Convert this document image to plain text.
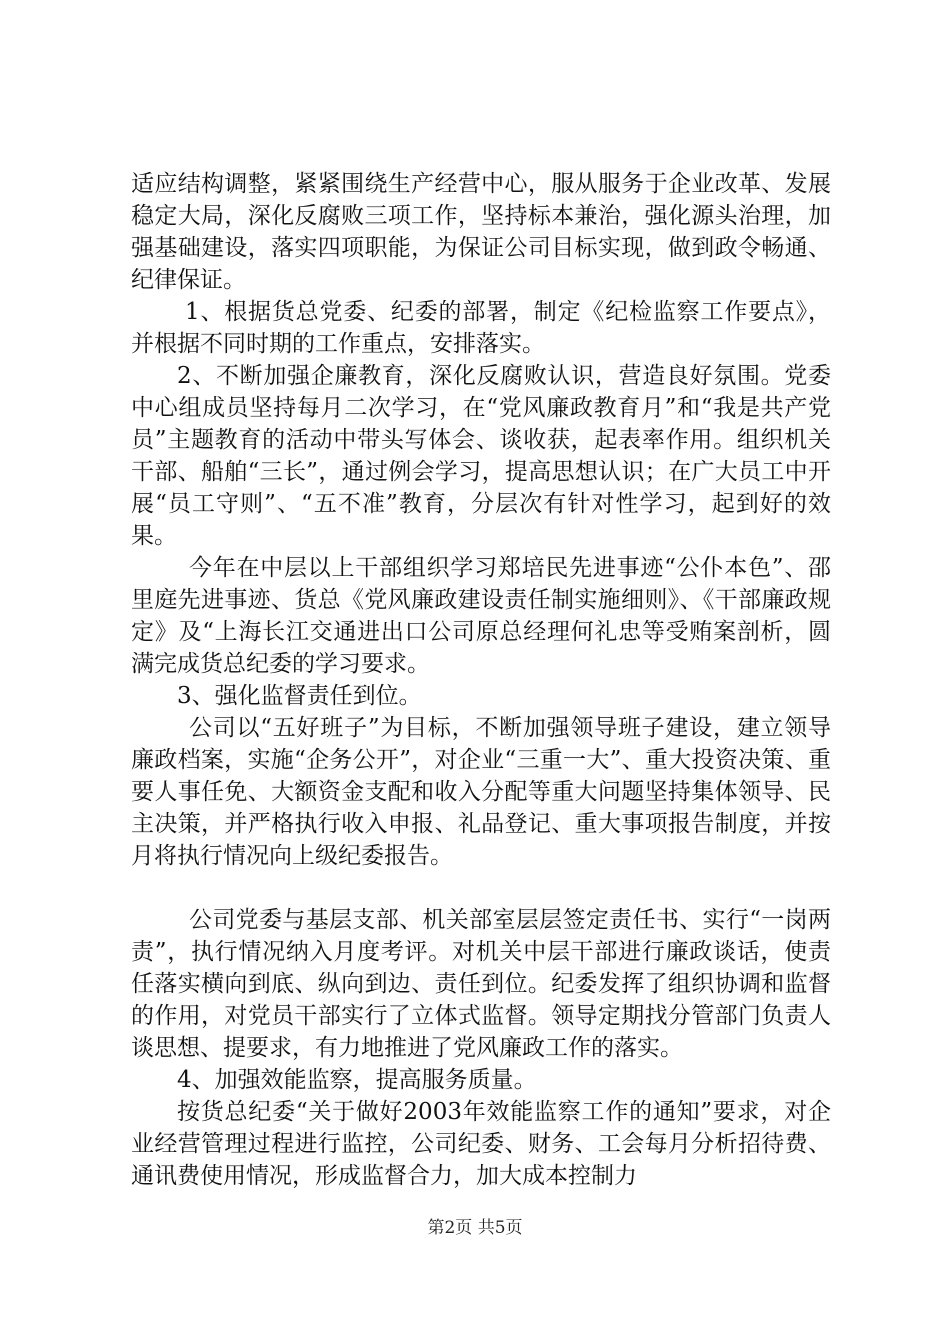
适应结构调整，紧紧围绕生产经营中心，服从服务于企业改革、发展稳定大局，深化反腐败三项工作，坚持标本兼治，强化源头治理，加强基础建设，落实四项职能，为保证公司目标实现，做到政令畅通、纪律保证。

1、根据货总党委、纪委的部署，制定《纪检监察工作要点》，并根据不同时期的工作重点，安排落实。

2、不断加强企廉教育，深化反腐败认识，营造良好氛围。党委中心组成员坚持每月二次学习，在“党风廉政教育月”和“我是共产党员”主题教育的活动中带头写体会、谈收获，起表率作用。组织机关干部、船舶“三长”，通过例会学习，提高思想认识；在广大员工中开展“员工守则”、“五不准”教育，分层次有针对性学习，起到好的效果。

今年在中层以上干部组织学习郑培民先进事迹“公仆本色”、邵里庭先进事迹、货总《党风廉政建设责任制实施细则》、《干部廉政规定》及“上海长江交通进出口公司原总经理何礼忠等受贿案剖析，圆满完成货总纪委的学习要求。

3、强化监督责任到位。

公司以“五好班子”为目标，不断加强领导班子建设，建立领导廉政档案，实施“企务公开”，对企业“三重一大”、重大投资决策、重要人事任免、大额资金支配和收入分配等重大问题坚持集体领导、民主决策，并严格执行收入申报、礼品登记、重大事项报告制度，并按月将执行情况向上级纪委报告。

公司党委与基层支部、机关部室层层签定责任书、实行“一岗两责”，执行情况纳入月度考评。对机关中层干部进行廉政谈话，使责任落实横向到底、纵向到边、责任到位。纪委发挥了组织协调和监督的作用，对党员干部实行了立体式监督。领导定期找分管部门负责人谈思想、提要求，有力地推进了党风廉政工作的落实。

4、加强效能监察，提高服务质量。

按货总纪委“关于做好2003年效能监察工作的通知”要求，对企业经营管理过程进行监控，公司纪委、财务、工会每月分析招待费、通讯费使用情况，形成监督合力，加大成本控制力

第2页 共5页
